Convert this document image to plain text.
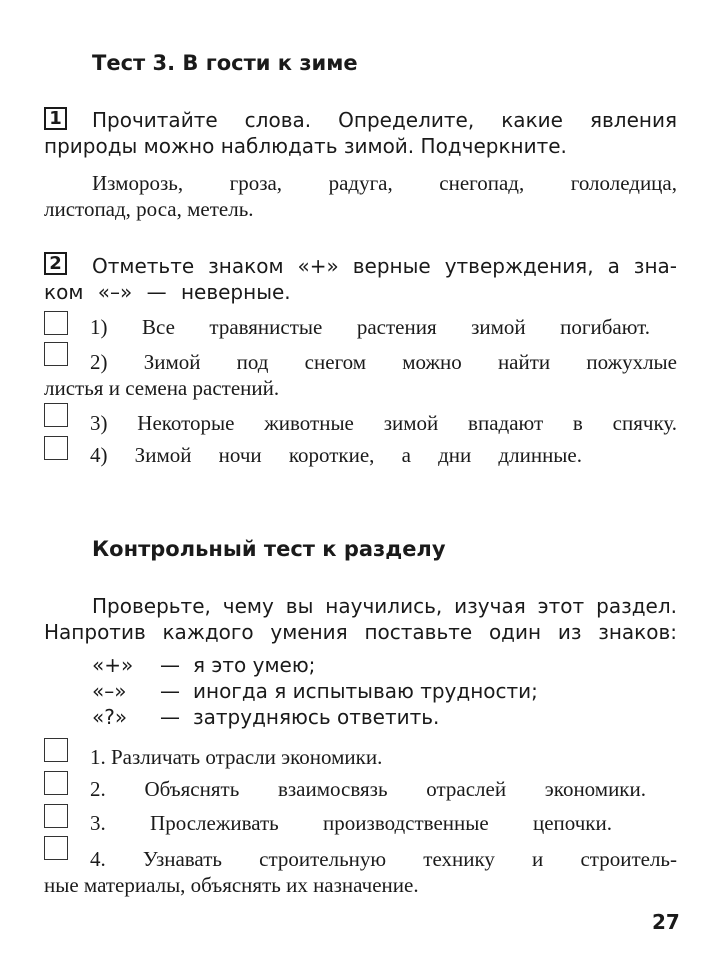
Тест 3. В гости к зиме
1 Прочитайте слова. Определите, какие явления
природы можно наблюдать зимой. Подчеркните.
Изморозь, гроза, радуга, снегопад, гололедица,
листопад, роса, метель.
2 Отметьте знаком «+» верные утверждения, а зна-
ком «–» — неверные.
1) Все травянистые растения зимой погибают.
2) Зимой под снегом можно найти пожухлые
листья и семена растений.
3) Некоторые животные зимой впадают в спячку.
4) Зимой ночи короткие, а дни длинные.
Контрольный тест к разделу
Проверьте, чему вы научились, изучая этот раздел.
Напротив каждого умения поставьте один из знаков:
«+» — я это умею;
«–» — иногда я испытываю трудности;
«?» — затрудняюсь ответить.
1. Различать отрасли экономики.
2. Объяснять взаимосвязь отраслей экономики.
3. Прослеживать производственные цепочки.
4. Узнавать строительную технику и строитель-
ные материалы, объяснять их назначение.
27
